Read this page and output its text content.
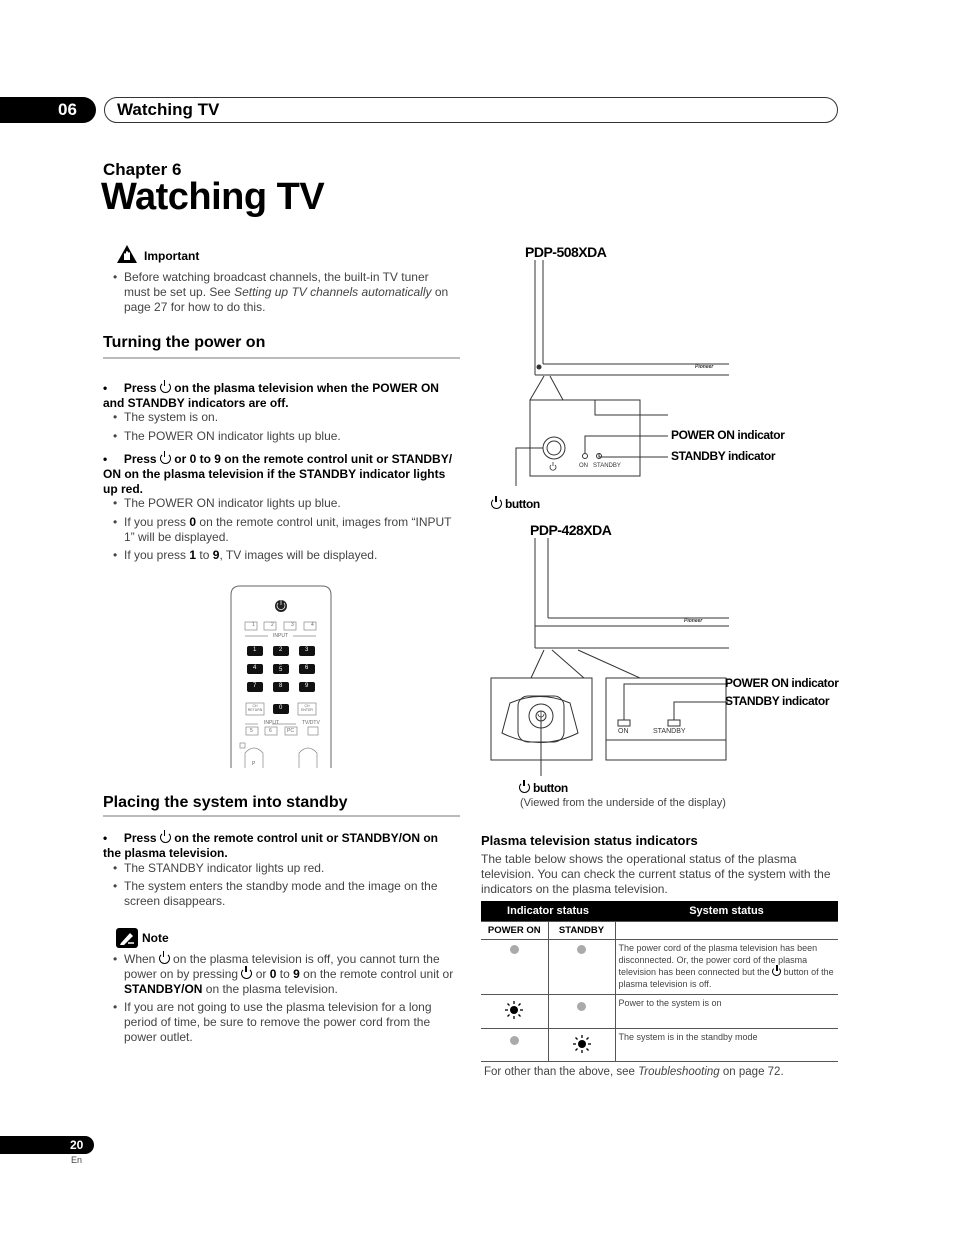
06	Watching TV
Chapter 6
Watching TV
Important
• Before watching broadcast channels, the built-in TV tuner must be set up. See Setting up TV channels automatically on page 27 for how to do this.
Turning the power on
•     Press  on the plasma television when the POWER ON and STANDBY indicators are off.
• The system is on.
• The POWER ON indicator lights up blue.
•     Press  or 0 to 9 on the remote control unit or STANDBY/ ON on the plasma television if the STANDBY indicator lights up red.
• The POWER ON indicator lights up blue.
• If you press 0 on the remote control unit, images from “INPUT 1” will be displayed.
• If you press 1 to 9, TV images will be displayed.
1	2	3	4
INPUT
1	2	3
4
A
5	6
7	8	9
CH RETURN	0	CH ENTER
INPUT	TV/DTV
5	6	PC
P
Placing the system into standby
•     Press  on the remote control unit or STANDBY/ON on the plasma television.
• The STANDBY indicator lights up red.
• The system enters the standby mode and the image on the screen disappears.
Note
• When  on the plasma television is off, you cannot turn the power on by pressing  or 0 to 9 on the remote control unit or STANDBY/ON on the plasma television.
• If you are not going to use the plasma television for a long period of time, be sure to remove the power cord from the power outlet.
PDP-508XDA
Pioneer
ON STANDBY
POWER ON indicator
STANDBY indicator
button
PDP-428XDA
Pioneer
ON	STANDBY
POWER ON indicator
STANDBY indicator
button
(Viewed from the underside of the display)
Plasma television status indicators
The table below shows the operational status of the plasma television. You can check the current status of the system with the indicators on the plasma television.
Indicator status		System status
POWER ON	STANDBY	
		The power cord of the plasma television has been disconnected. Or, the power cord of the plasma television has been connected but the  button of the plasma television is off.
		Power to the system is on
		The system is in the standby mode
For other than the above, see Troubleshooting on page 72.
20
En
